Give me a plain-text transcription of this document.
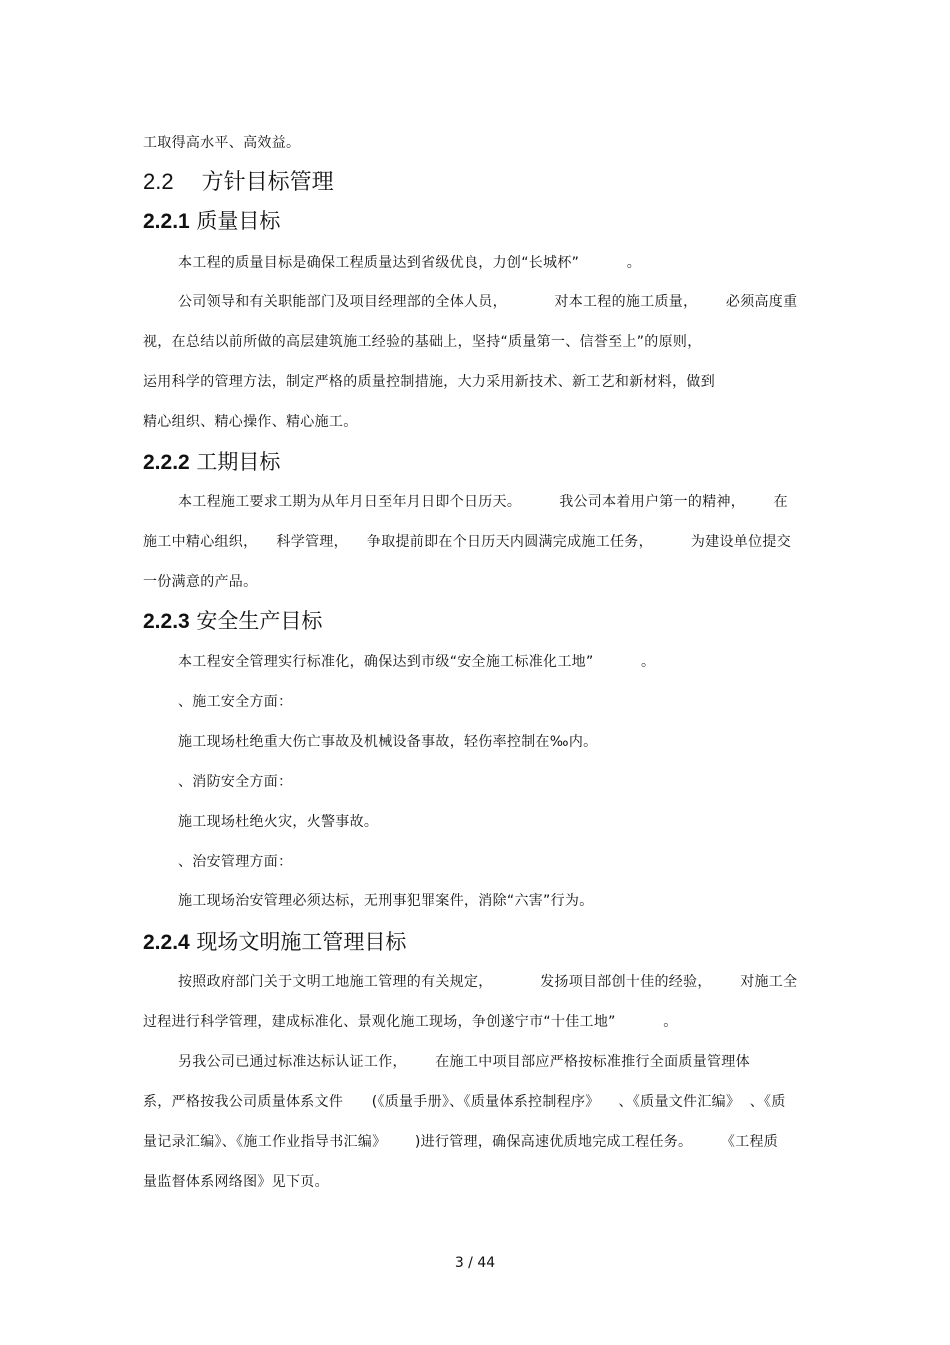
工取得高水平、高效益。
2.2 方针目标管理
2.2.1 质量目标
本工程的质量目标是确保工程质量达到省级优良，力创“长城杯”          。
公司领导和有关职能部门及项目经理部的全体人员，          对本工程的施工质量，      必须高度重
视，在总结以前所做的高层建筑施工经验的基础上，坚持“质量第一、信誉至上”的原则，
运用科学的管理方法，制定严格的质量控制措施，大力采用新技术、新工艺和新材料，做到
精心组织、精心操作、精心施工。
2.2.2 工期目标
本工程施工要求工期为从年月日至年月日即个日历天。        我公司本着用户第一的精神，      在
施工中精心组织，    科学管理，    争取提前即在个日历天内圆满完成施工任务，        为建设单位提交
一份满意的产品。
2.2.3 安全生产目标
本工程安全管理实行标准化，确保达到市级“安全施工标准化工地”          。
、施工安全方面：
施工现场杜绝重大伤亡事故及机械设备事故，轻伤率控制在‰内。
、消防安全方面：
施工现场杜绝火灾，火警事故。
、治安管理方面：
施工现场治安管理必须达标，无刑事犯罪案件，消除“六害”行为。
2.2.4 现场文明施工管理目标
按照政府部门关于文明工地施工管理的有关规定，          发扬项目部创十佳的经验，      对施工全
过程进行科学管理，建成标准化、景观化施工现场，争创遂宁市“十佳工地”          。
另我公司已通过标准达标认证工作，      在施工中项目部应严格按标准推行全面质量管理体
系，严格按我公司质量体系文件      (《质量手册》、《质量体系控制程序》    、《质量文件汇编》  、《质
量记录汇编》、《施工作业指导书汇编》      )进行管理，确保高速优质地完成工程任务。      《工程质
量监督体系网络图》见下页。
3 / 44
